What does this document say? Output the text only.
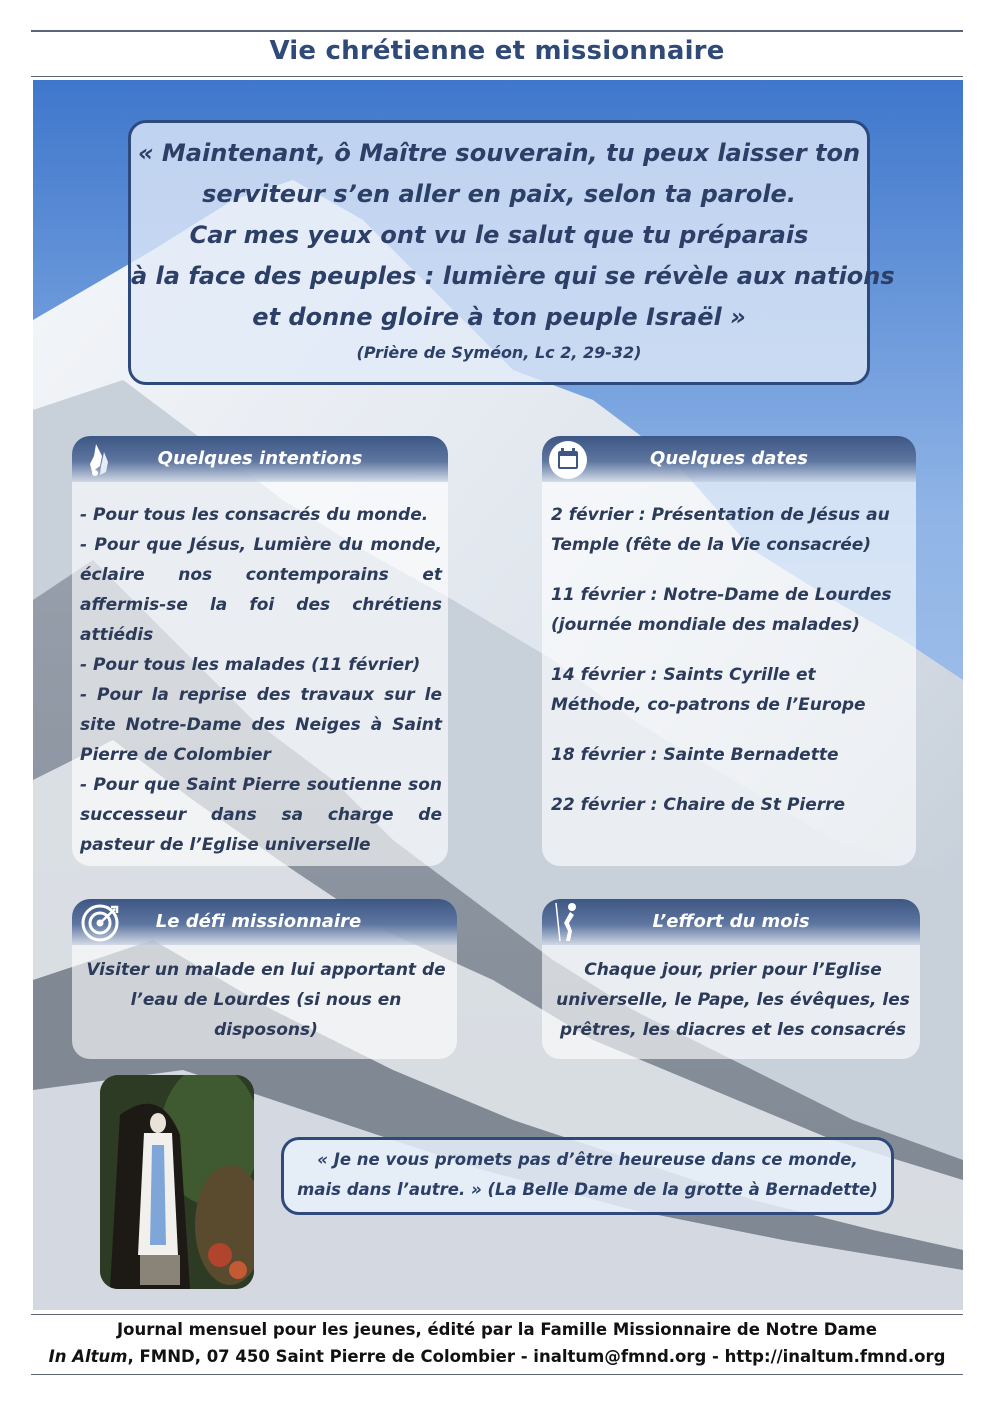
Vie chrétienne et missionnaire
« Maintenant, ô Maître souverain, tu peux laisser ton
serviteur s’en aller en paix, selon ta parole.
Car mes yeux ont vu le salut que tu préparais
à la face des peuples : lumière qui se révèle aux nations
et donne gloire à ton peuple Israël »
(Prière de Syméon, Lc 2, 29-32)
Quelques intentions

- Pour tous les consacrés du monde.

- Pour que Jésus, Lumière du monde, éclaire nos contemporains et affermis-se la foi des chrétiens attiédis

- Pour tous les malades (11 février)

- Pour la reprise des travaux sur le site Notre-Dame des Neiges à Saint Pierre de Colombier

- Pour que Saint Pierre soutienne son successeur dans sa charge de pasteur de l’Eglise universelle

Quelques dates

2 février : Présentation de Jésus au Temple (fête de la Vie consacrée)

11 février : Notre-Dame de Lourdes (journée mondiale des malades)

14 février : Saints Cyrille et Méthode, co-patrons de l’Europe

18 février : Sainte Bernadette

22 février : Chaire de St Pierre

Le défi missionnaire
Visiter un malade en lui apportant de l’eau de Lourdes (si nous en disposons)
L’effort du mois
Chaque jour, prier pour l’Eglise universelle, le Pape, les évêques, les prêtres, les diacres et les consacrés
« Je ne vous promets pas d’être heureuse dans ce monde,
mais dans l’autre. » (La Belle Dame de la grotte à Bernadette)
Journal mensuel pour les jeunes, édité par la Famille Missionnaire de Notre Dame
In Altum, FMND, 07 450 Saint Pierre de Colombier - inaltum@fmnd.org - http://inaltum.fmnd.org
